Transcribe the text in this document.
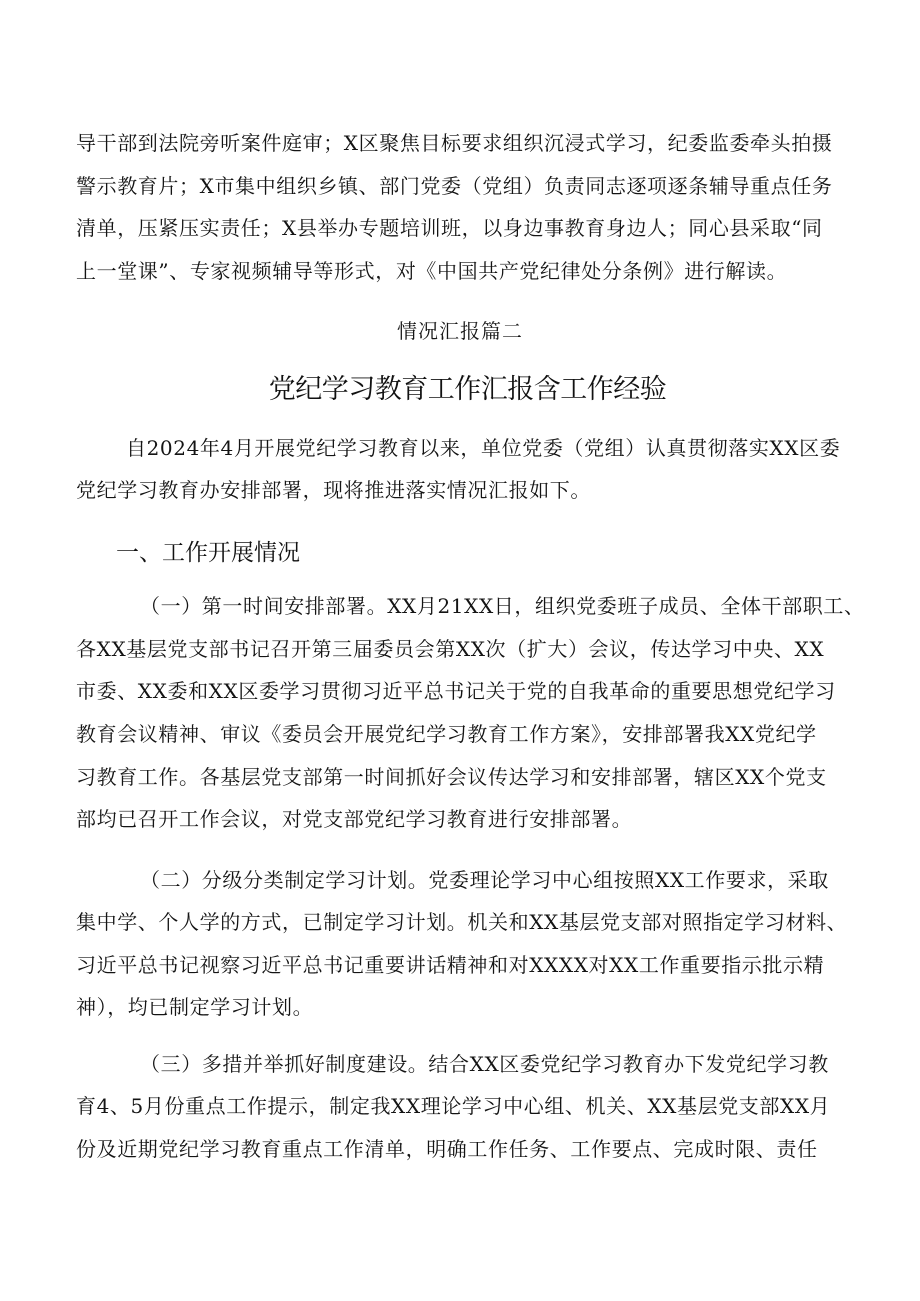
导干部到法院旁听案件庭审；X区聚焦目标要求组织沉浸式学习，纪委监委牵头拍摄
警示教育片；X市集中组织乡镇、部门党委（党组）负责同志逐项逐条辅导重点任务
清单，压紧压实责任；X县举办专题培训班，以身边事教育身边人；同心县采取“同
上一堂课”、专家视频辅导等形式，对《中国共产党纪律处分条例》进行解读。
情况汇报篇二
党纪学习教育工作汇报含工作经验
自2024年4月开展党纪学习教育以来，单位党委（党组）认真贯彻落实XX区委
党纪学习教育办安排部署，现将推进落实情况汇报如下。
一、工作开展情况
（一）第一时间安排部署。XX月21XX日，组织党委班子成员、全体干部职工、
各XX基层党支部书记召开第三届委员会第XX次（扩大）会议，传达学习中央、XX
市委、XX委和XX区委学习贯彻习近平总书记关于党的自我革命的重要思想党纪学习
教育会议精神、审议《委员会开展党纪学习教育工作方案》，安排部署我XX党纪学
习教育工作。各基层党支部第一时间抓好会议传达学习和安排部署，辖区XX个党支
部均已召开工作会议，对党支部党纪学习教育进行安排部署。
（二）分级分类制定学习计划。党委理论学习中心组按照XX工作要求，采取
集中学、个人学的方式，已制定学习计划。机关和XX基层党支部对照指定学习材料、
习近平总书记视察习近平总书记重要讲话精神和对XXXX对XX工作重要指示批示精
神），均已制定学习计划。
（三）多措并举抓好制度建设。结合XX区委党纪学习教育办下发党纪学习教
育4、5月份重点工作提示，制定我XX理论学习中心组、机关、XX基层党支部XX月
份及近期党纪学习教育重点工作清单，明确工作任务、工作要点、完成时限、责任
